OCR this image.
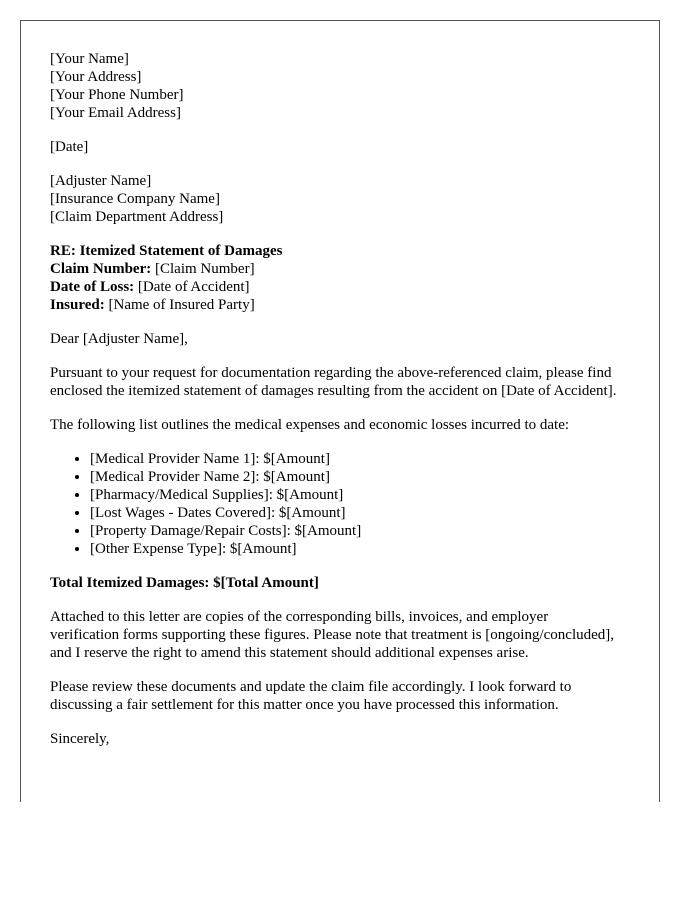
[Your Name]
[Your Address]
[Your Phone Number]
[Your Email Address]
[Date]
[Adjuster Name]
[Insurance Company Name]
[Claim Department Address]
RE: Itemized Statement of Damages
Claim Number: [Claim Number]
Date of Loss: [Date of Accident]
Insured: [Name of Insured Party]

Dear [Adjuster Name],

Pursuant to your request for documentation regarding the above-referenced claim, please find enclosed the itemized statement of damages resulting from the accident on [Date of Accident].

The following list outlines the medical expenses and economic losses incurred to date:

• [Medical Provider Name 1]: $[Amount]
• [Medical Provider Name 2]: $[Amount]
• [Pharmacy/Medical Supplies]: $[Amount]
• [Lost Wages - Dates Covered]: $[Amount]
• [Property Damage/Repair Costs]: $[Amount]
• [Other Expense Type]: $[Amount]

Total Itemized Damages: $[Total Amount]

Attached to this letter are copies of the corresponding bills, invoices, and employer verification forms supporting these figures. Please note that treatment is [ongoing/concluded], and I reserve the right to amend this statement should additional expenses arise.

Please review these documents and update the claim file accordingly. I look forward to discussing a fair settlement for this matter once you have processed this information.

Sincerely,
